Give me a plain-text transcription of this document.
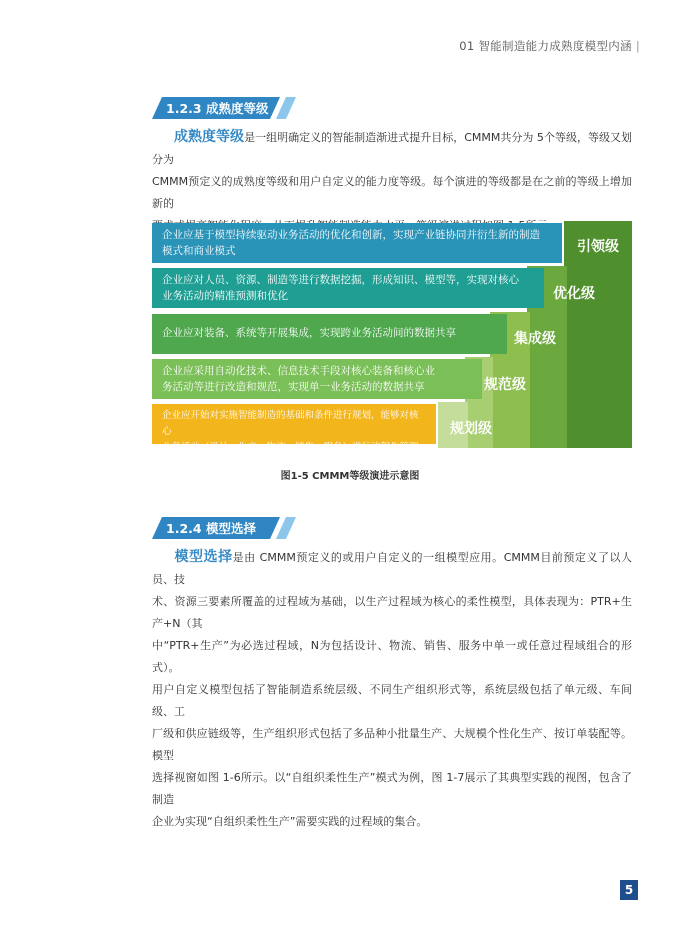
01 智能制造能力成熟度模型内涵 |
1.2.3 成熟度等级

成熟度等级是一组明确定义的智能制造渐进式提升目标，CMMM共分为 5个等级，等级又划分为

CMMM预定义的成熟度等级和用户自定义的能力度等级。每个演进的等级都是在之前的等级上增加新的

引领级
优化级
集成级
规范级
规划级
企业应基于模型持续驱动业务活动的优化和创新，实现产业链协同并衍生新的制造
模式和商业模式
企业应对人员、资源、制造等进行数据挖掘，形成知识、模型等，实现对核心
业务活动的精准预测和优化
企业应对装备、系统等开展集成，实现跨业务活动间的数据共享
企业应采用自动化技术、信息技术手段对核心装备和核心业
务活动等进行改造和规范，实现单一业务活动的数据共享
企业应开始对实施智能制造的基础和条件进行规划，能够对核心
业务活动（设计、生产、物流、销售、服务）进行流程化管理
图1-5 CMMM等级演进示意图
1.2.4 模型选择

模型选择是由 CMMM预定义的或用户自定义的一组模型应用。CMMM目前预定义了以人员、技

术、资源三要素所覆盖的过程域为基础，以生产过程域为核心的柔性模型，具体表现为：PTR+生产+N（其

中“PTR+生产”为必选过程域，N为包括设计、物流、销售、服务中单一或任意过程域组合的形式）。

用户自定义模型包括了智能制造系统层级、不同生产组织形式等，系统层级包括了单元级、车间级、工

厂级和供应链级等，生产组织形式包括了多品种小批量生产、大规模个性化生产、按订单装配等。模型

选择视窗如图 1-6所示。以“自组织柔性生产”模式为例，图 1-7展示了其典型实践的视图，包含了制造

企业为实现“自组织柔性生产”需要实践的过程域的集合。

5
